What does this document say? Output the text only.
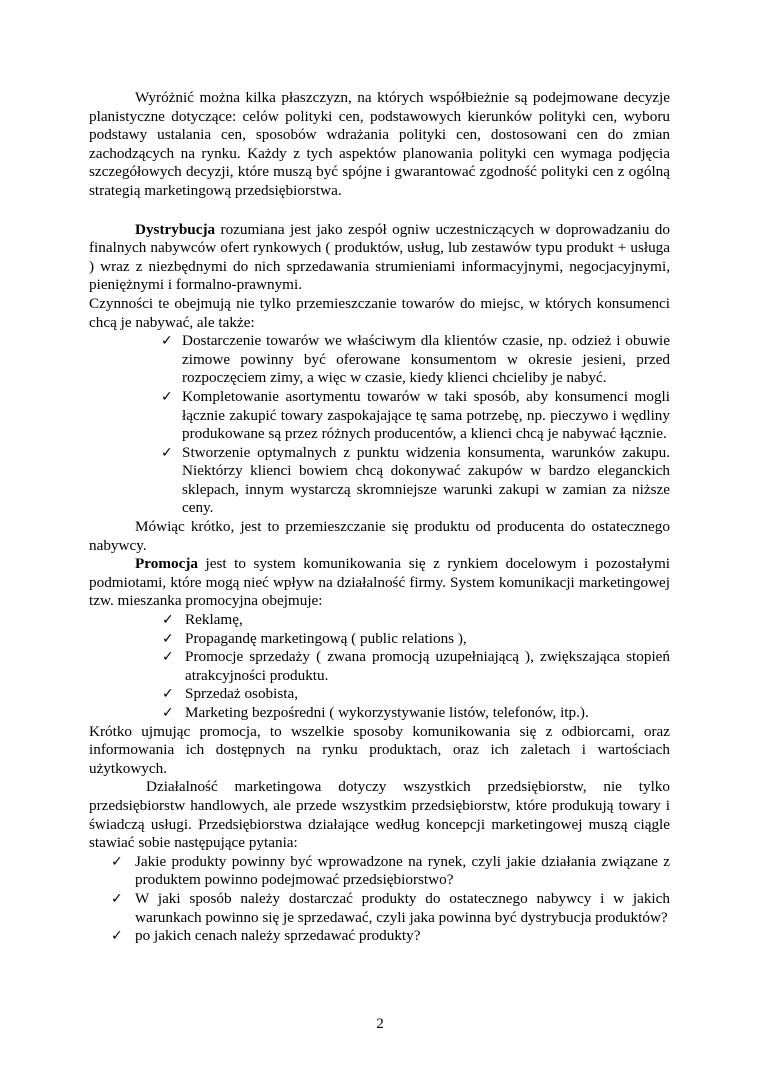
Wyróżnić można kilka płaszczyzn, na których współbieżnie są podejmowane decyzje planistyczne dotyczące: celów polityki cen, podstawowych kierunków polityki cen, wyboru podstawy ustalania cen, sposobów wdrażania polityki cen, dostosowani cen do zmian zachodzących na rynku. Każdy z tych aspektów planowania polityki cen wymaga podjęcia szczegółowych decyzji, które muszą być spójne i gwarantować zgodność polityki cen z ogólną strategią marketingową przedsiębiorstwa.

Dystrybucja rozumiana jest jako zespół ogniw uczestniczących w doprowadzaniu do finalnych nabywców ofert rynkowych ( produktów, usług, lub zestawów typu produkt + usługa ) wraz z niezbędnymi do nich sprzedawania strumieniami informacyjnymi, negocjacyjnymi, pieniężnymi i formalno-prawnymi.

Czynności te obejmują nie tylko przemieszczanie towarów do miejsc, w których konsumenci chcą je nabywać, ale także:

✓ Dostarczenie towarów we właściwym dla klientów czasie, np. odzież i obuwie zimowe powinny być oferowane konsumentom w okresie jesieni, przed rozpoczęciem zimy, a więc w czasie, kiedy klienci chcieliby je nabyć.
✓ Kompletowanie asortymentu towarów w taki sposób, aby konsumenci mogli łącznie zakupić towary zaspokajające tę sama potrzebę, np. pieczywo i wędliny produkowane są przez różnych producentów, a klienci chcą je nabywać łącznie.
✓ Stworzenie optymalnych z punktu widzenia konsumenta, warunków zakupu. Niektórzy klienci bowiem chcą dokonywać zakupów w bardzo eleganckich sklepach, innym wystarczą skromniejsze warunki zakupi w zamian za niższe ceny.

Mówiąc krótko, jest to przemieszczanie się produktu od producenta do ostatecznego nabywcy.

Promocja jest to system komunikowania się z rynkiem docelowym i pozostałymi podmiotami, które mogą nieć wpływ na działalność firmy. System komunikacji marketingowej tzw. mieszanka promocyjna obejmuje:

✓ Reklamę,
✓ Propagandę marketingową ( public relations ),
✓ Promocje sprzedaży ( zwana promocją uzupełniającą ), zwiększająca stopień atrakcyjności produktu.
✓ Sprzedaż osobista,
✓ Marketing bezpośredni ( wykorzystywanie listów, telefonów, itp.).

Krótko ujmując promocja, to wszelkie sposoby komunikowania się z odbiorcami, oraz informowania ich dostępnych na rynku produktach, oraz ich zaletach i wartościach użytkowych.

Działalność marketingowa dotyczy wszystkich przedsiębiorstw, nie tylko przedsiębiorstw handlowych, ale przede wszystkim przedsiębiorstw, które produkują towary i świadczą usługi. Przedsiębiorstwa działające według koncepcji marketingowej muszą ciągle stawiać sobie następujące pytania:

✓ Jakie produkty powinny być wprowadzone na rynek, czyli jakie działania związane z produktem powinno podejmować przedsiębiorstwo?
✓ W jaki sposób należy dostarczać produkty do ostatecznego nabywcy i w jakich warunkach powinno się je sprzedawać, czyli jaka powinna być dystrybucja produktów?
✓ po jakich cenach należy sprzedawać produkty?
2
